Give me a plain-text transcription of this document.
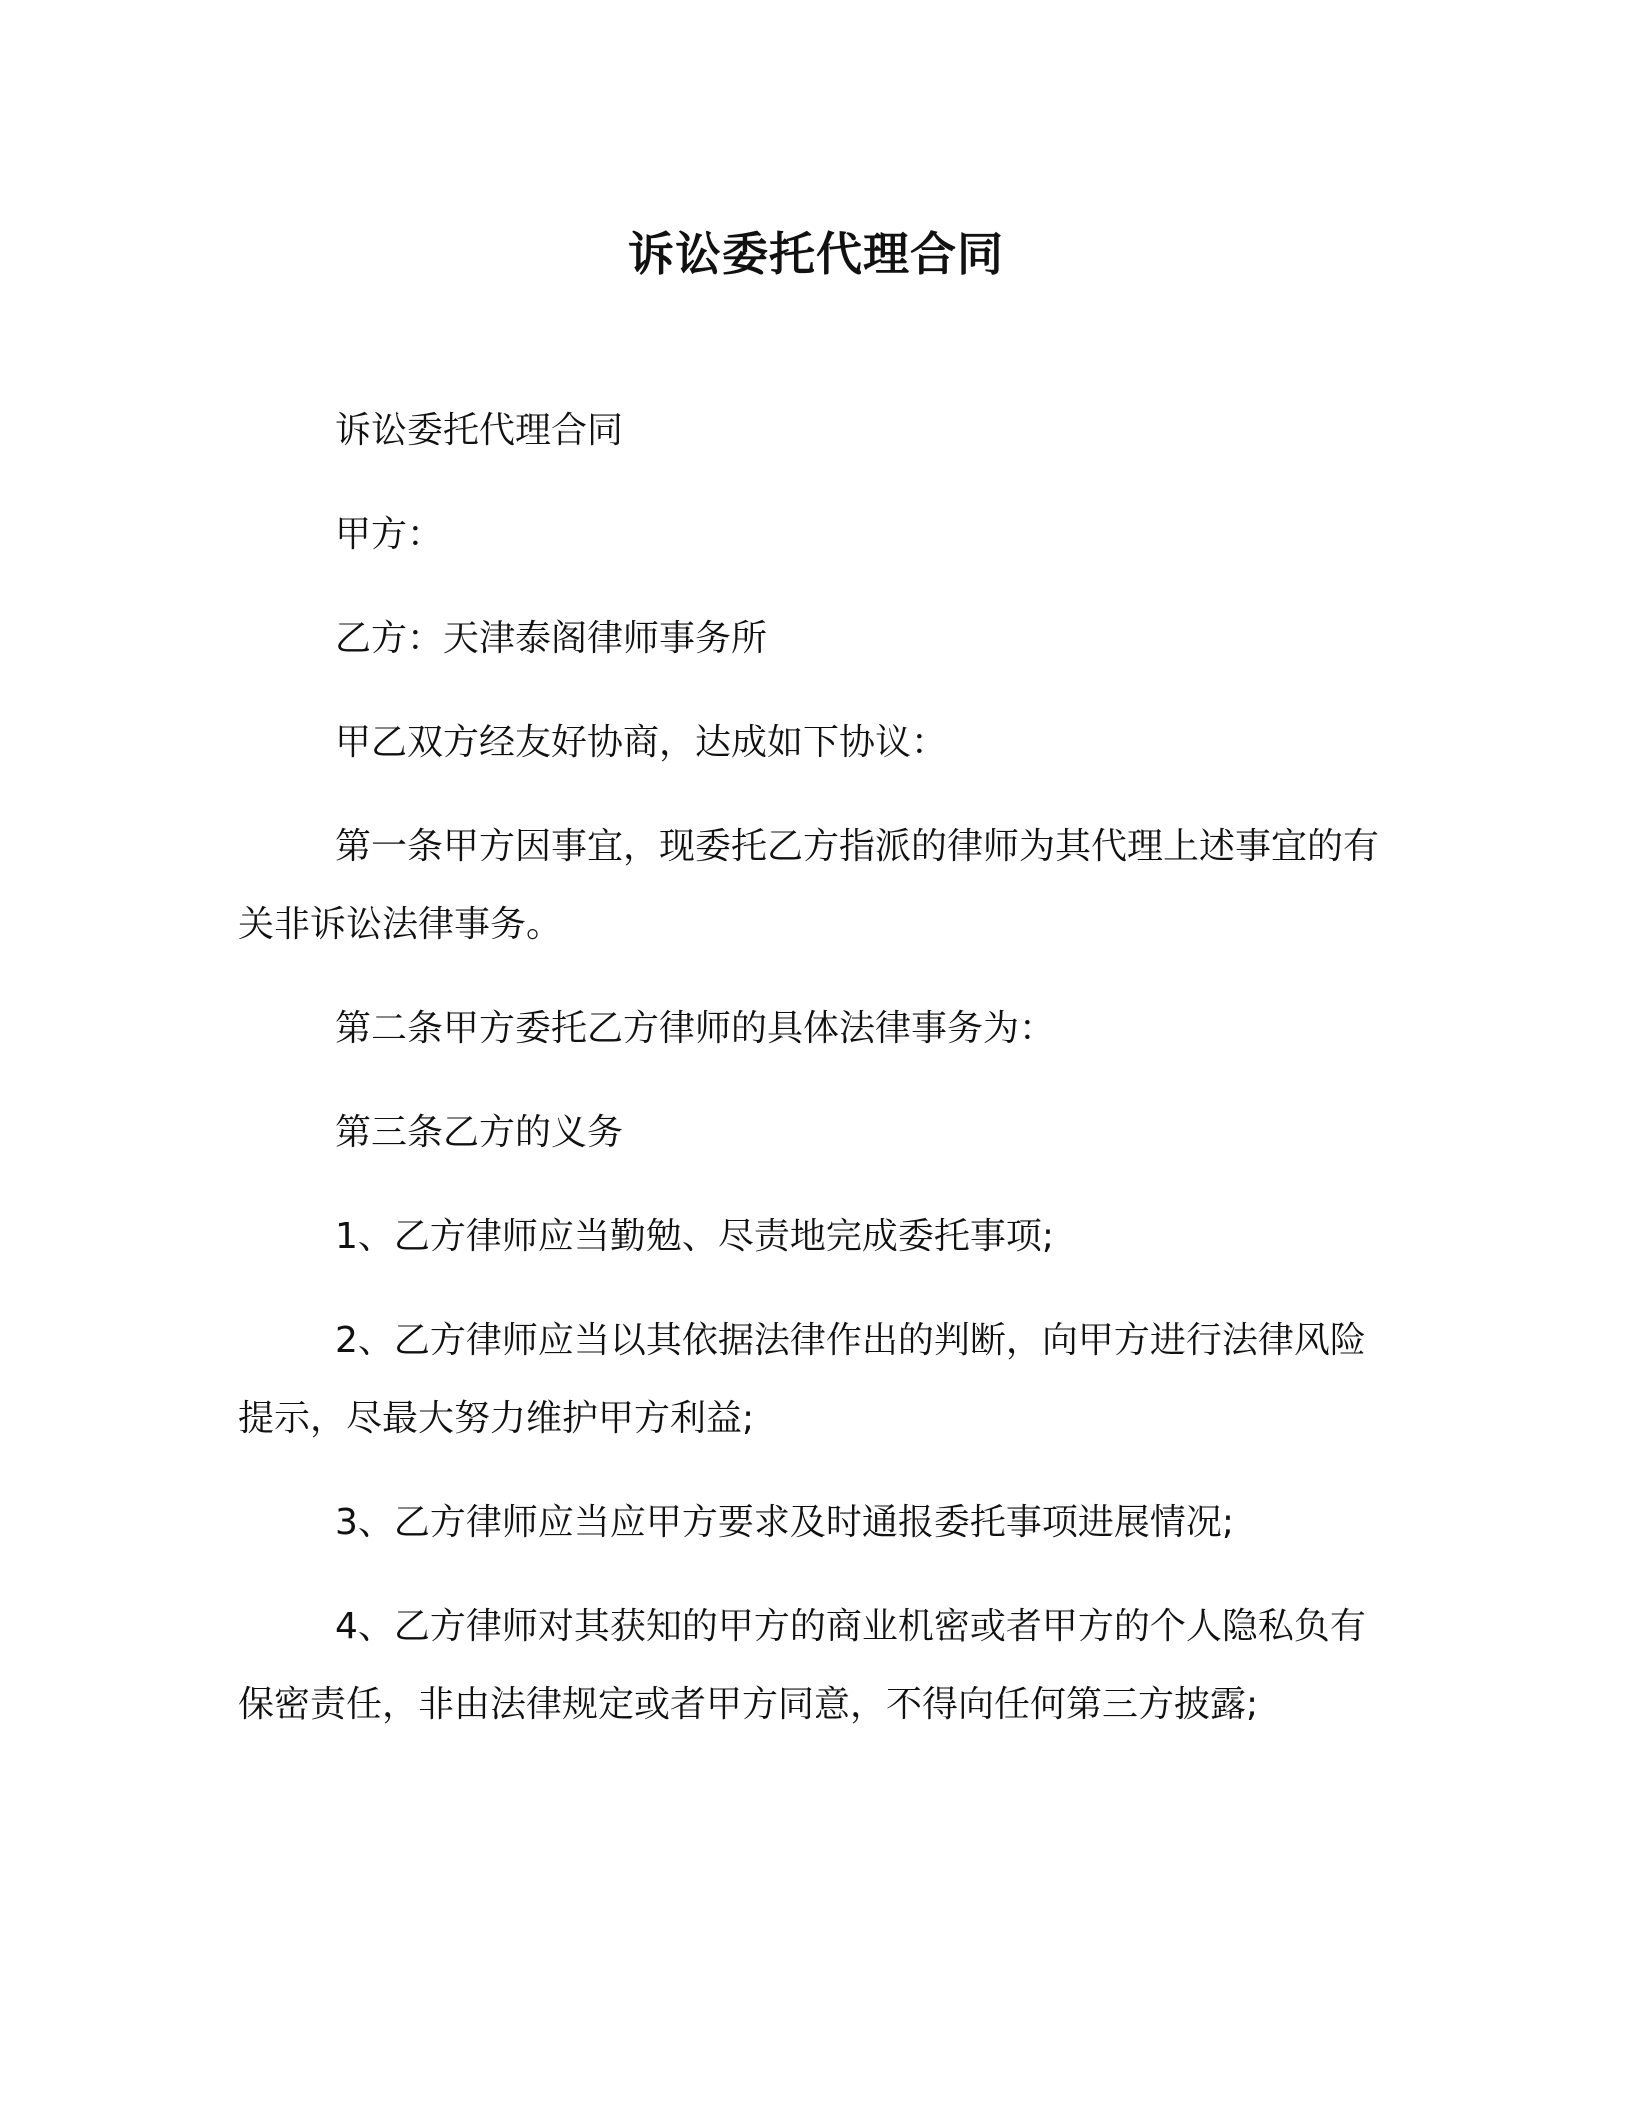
诉讼委托代理合同

诉讼委托代理合同

甲方：

乙方：天津泰阁律师事务所

甲乙双方经友好协商，达成如下协议：

第一条甲方因事宜，现委托乙方指派的律师为其代理上述事宜的有关非诉讼法律事务。

第二条甲方委托乙方律师的具体法律事务为：

第三条乙方的义务

1、乙方律师应当勤勉、尽责地完成委托事项;

2、乙方律师应当以其依据法律作出的判断，向甲方进行法律风险提示，尽最大努力维护甲方利益;

3、乙方律师应当应甲方要求及时通报委托事项进展情况;

4、乙方律师对其获知的甲方的商业机密或者甲方的个人隐私负有保密责任，非由法律规定或者甲方同意，不得向任何第三方披露;
